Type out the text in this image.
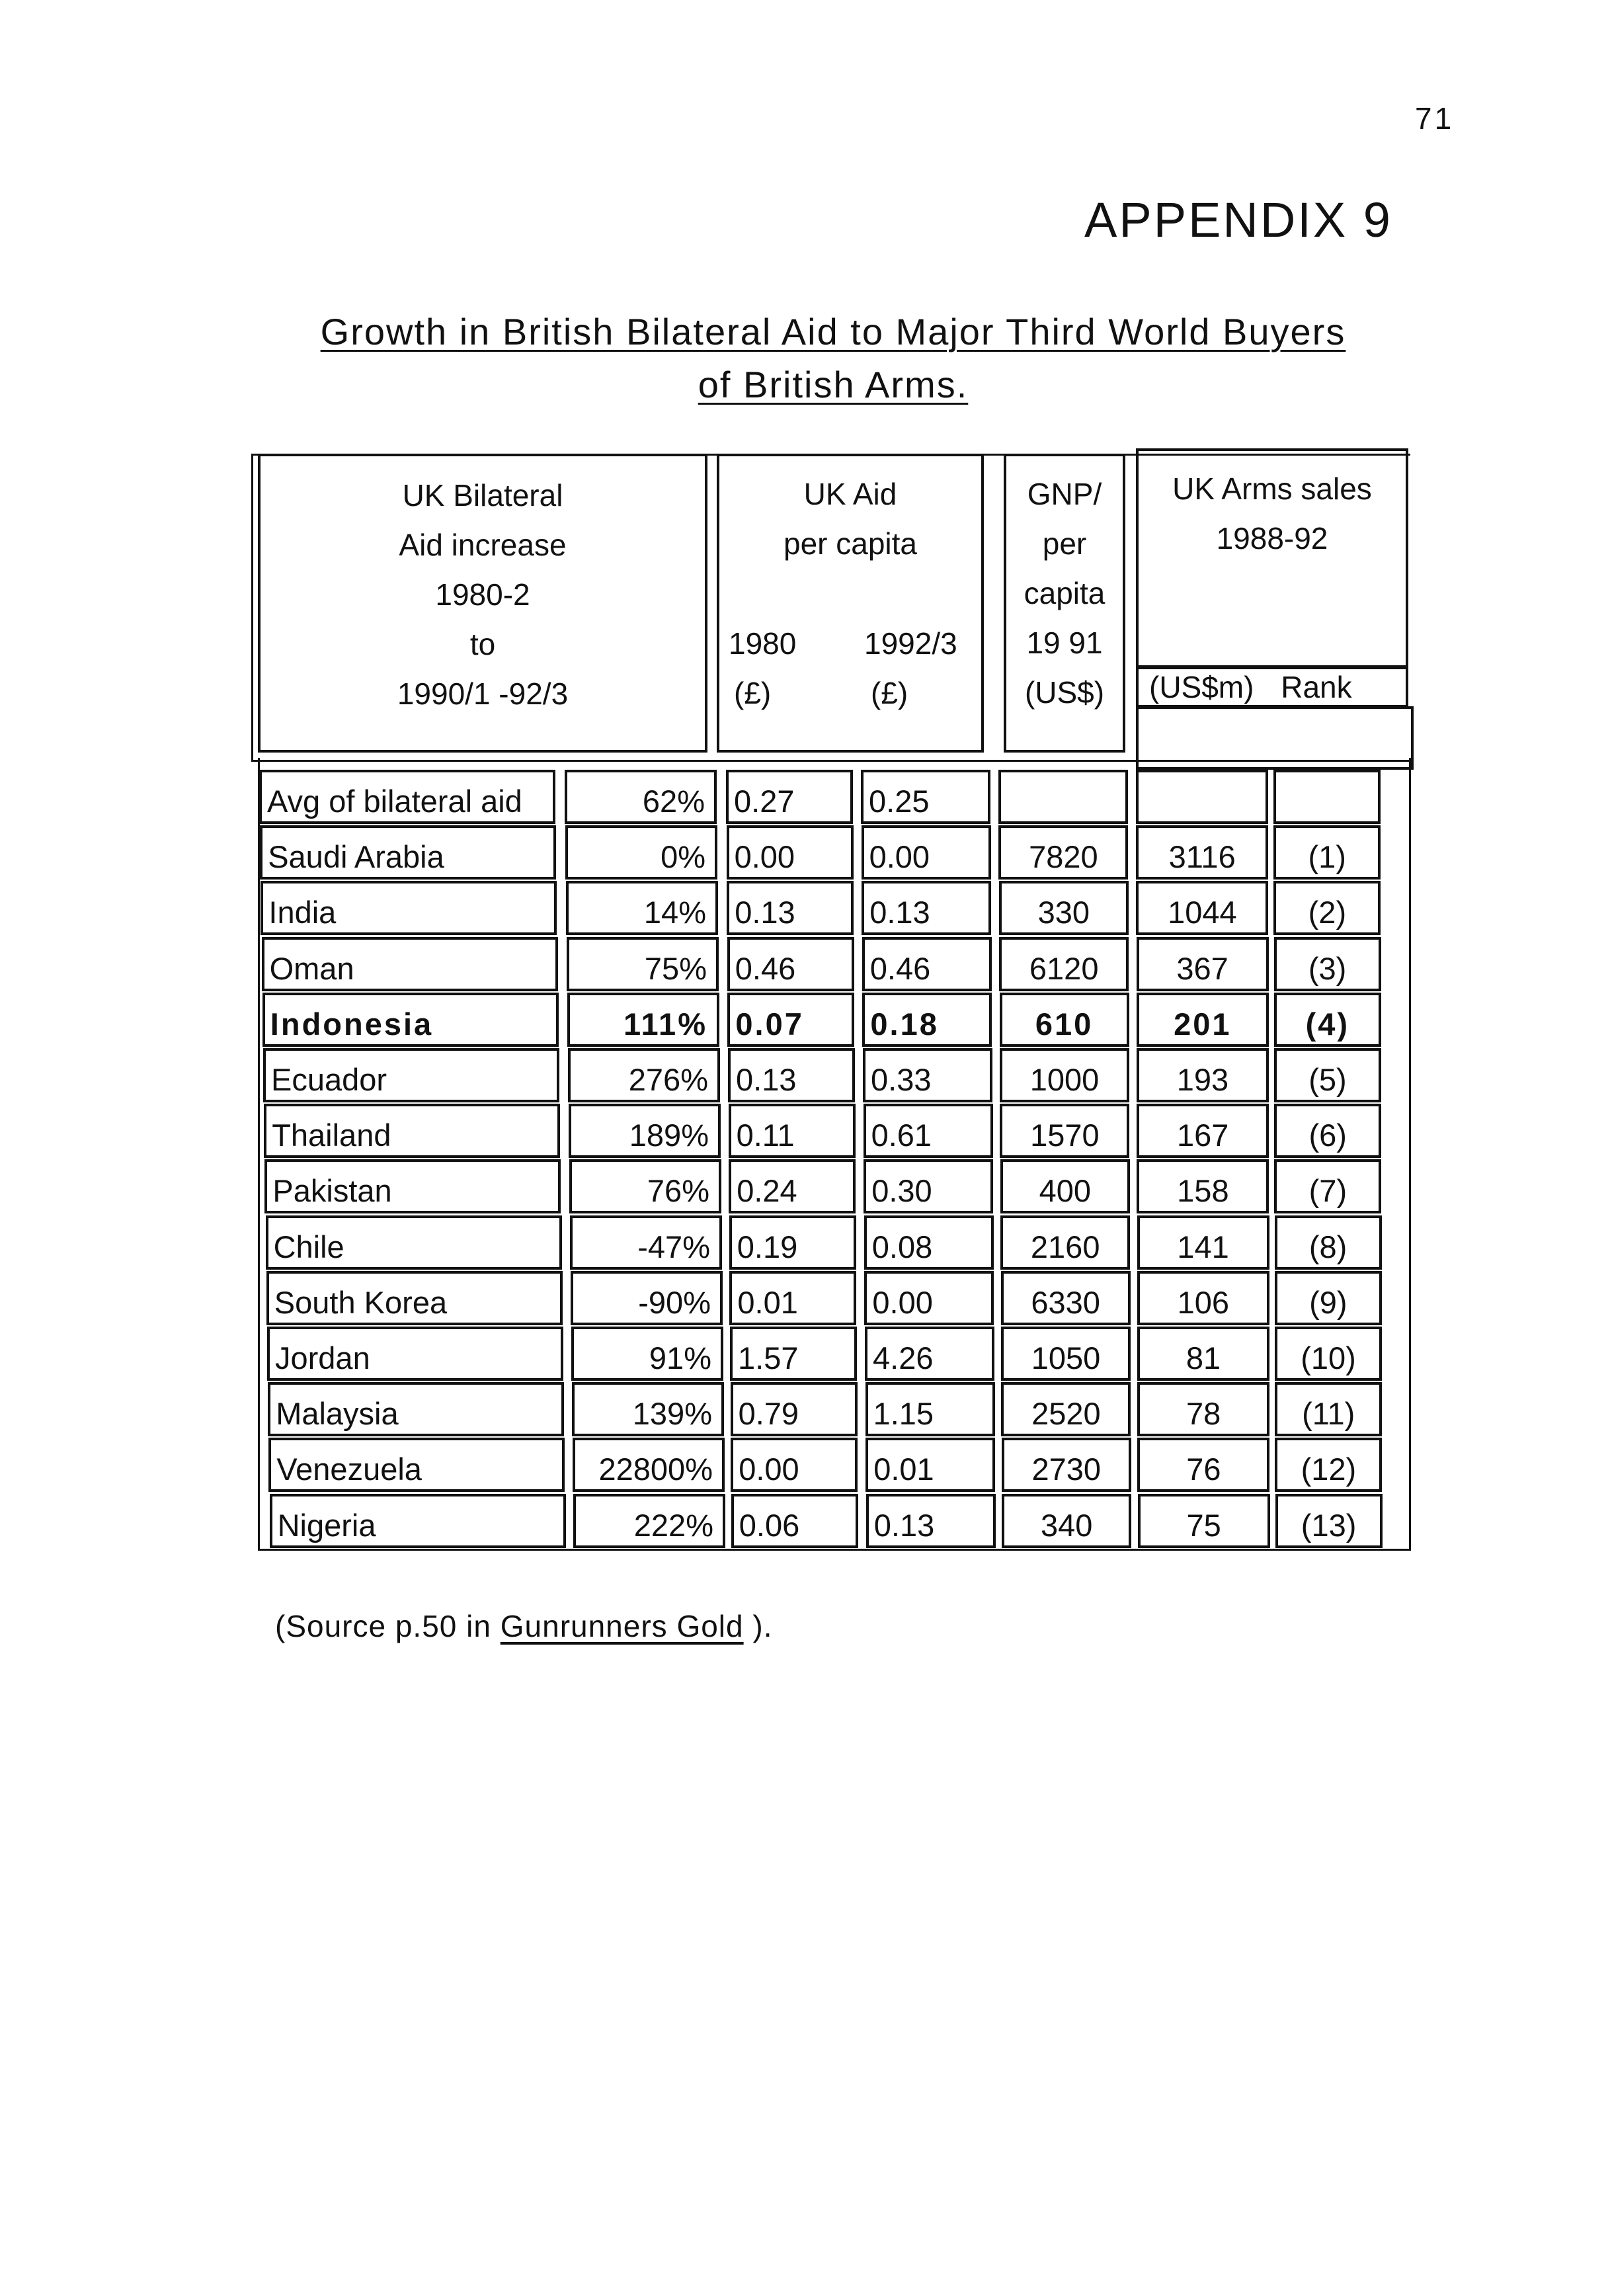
71
APPENDIX 9
Growth in British Bilateral Aid to Major Third World Buyers
of British Arms.
UK Bilateral
Aid increase
1980-2
to
1990/1 -92/3
UK Aid
per capita
1980 1992/3
(£)	(£)
GNP/
per
capita
19 91
(US$)
UK Arms sales
1988-92
(US$m) Rank
Avg of bilateral aid	62% 0.27	0.25
Saudi Arabia	0% 0.00	0.00	7820	3116	(1)
India	14% 0.13	0.13	330	1044	(2)
Oman	75% 0.46	0.46	6120	367	(3)
Indonesia	111% 0.07	0.18	610	201	(4)
Ecuador	276% 0.13	0.33	1000	193	(5)
Thailand	189% 0.11	0.61	1570	167	(6)
Pakistan	76% 0.24	0.30	400	158	(7)
Chile	-47% 0.19	0.08	2160	141	(8)
South Korea	-90% 0.01	0.00	6330	106	(9)
Jordan	91% 1.57	4.26	1050	81	(10)
Malaysia	139% 0.79	1.15	2520	78	(11)
Venezuela	22800% 0.00	0.01	2730	76	(12)
Nigeria	222% 0.06	0.13	340	75	(13)
(Source p.50 in Gunrunners Gold ).
